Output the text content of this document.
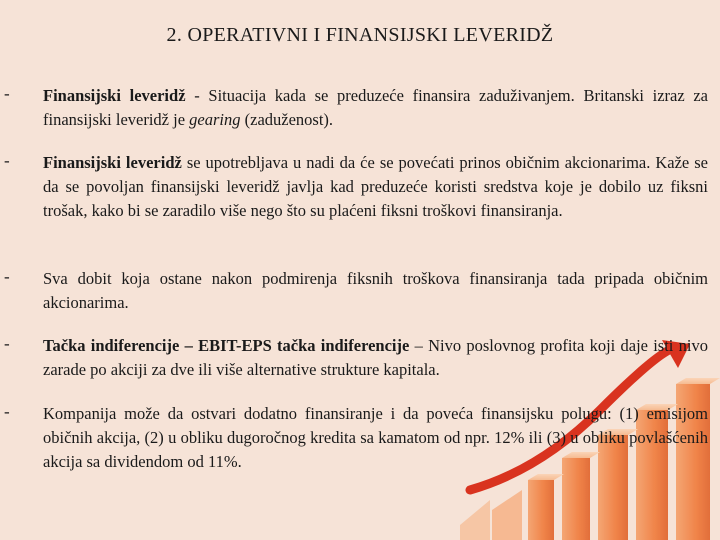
2. OPERATIVNI I FINANSIJSKI LEVERIDŽ
- Finansijski leveridž - Situacija kada se preduzeće finansira zaduživanjem. Britanski izraz za finansijski leveridž je gearing (zaduženost).
- Finansijski leveridž se upotrebljava u nadi da će se povećati prinos običnim akcionarima. Kaže se da se povoljan finansijski leveridž javlja kad preduzeće koristi sredstva koje je dobilo uz fiksni trošak, kako bi se zaradilo više nego što su plaćeni fiksni troškovi finansiranja.
- Sva dobit koja ostane nakon podmirenja fiksnih troškova finansiranja tada pripada običnim akcionarima.
- Tačka indiferencije – EBIT-EPS tačka indiferencije – Nivo poslovnog profita koji daje isti nivo zarade po akciji za dve ili više alternative strukture kapitala.
- Kompanija može da ostvari dodatno finansiranje i da poveća finansijsku polugu: (1) emisijom običnih akcija, (2) u obliku dugoročnog kredita sa kamatom od npr. 12% ili (3) u obliku povlašćenih akcija sa dividendom od 11%.
